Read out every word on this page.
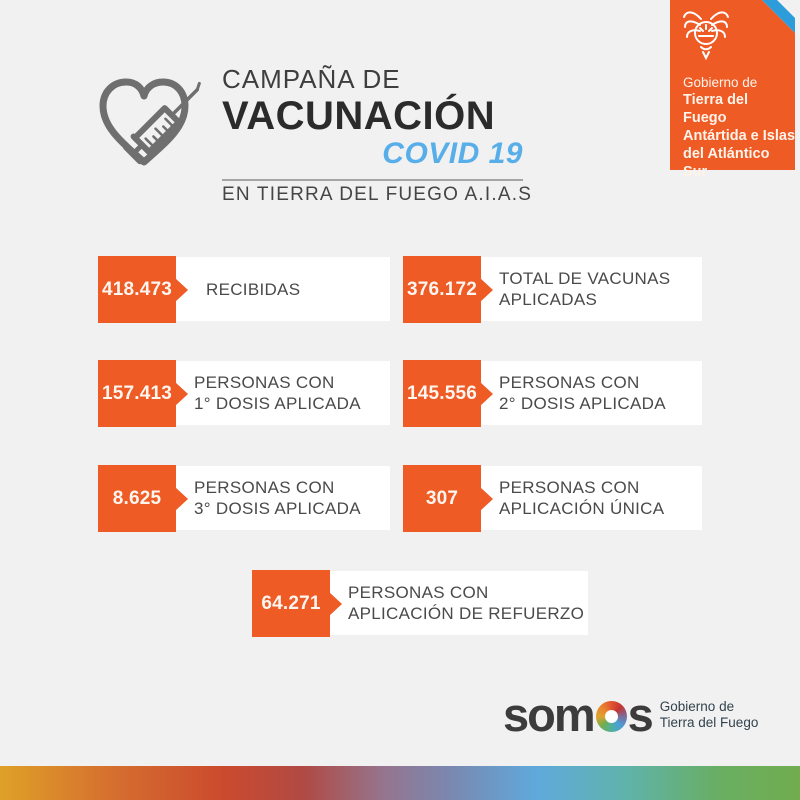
Gobierno de
Tierra del Fuego
Antártida e Islas
del Atlántico Sur
CAMPAÑA DE
VACUNACIÓN
COVID 19
EN TIERRA DEL FUEGO A.I.A.S
418.473 RECIBIDAS	376.172 TOTAL DE VACUNAS
APLICADAS
157.413 PERSONAS CON
1° DOSIS APLICADA	145.556 PERSONAS CON
2° DOSIS APLICADA
8.625 PERSONAS CON
3° DOSIS APLICADA	307 PERSONAS CON
APLICACIÓN ÚNICA
64.271 PERSONAS CON
APLICACIÓN DE REFUERZO
som s Gobierno de
Tierra del Fuego
